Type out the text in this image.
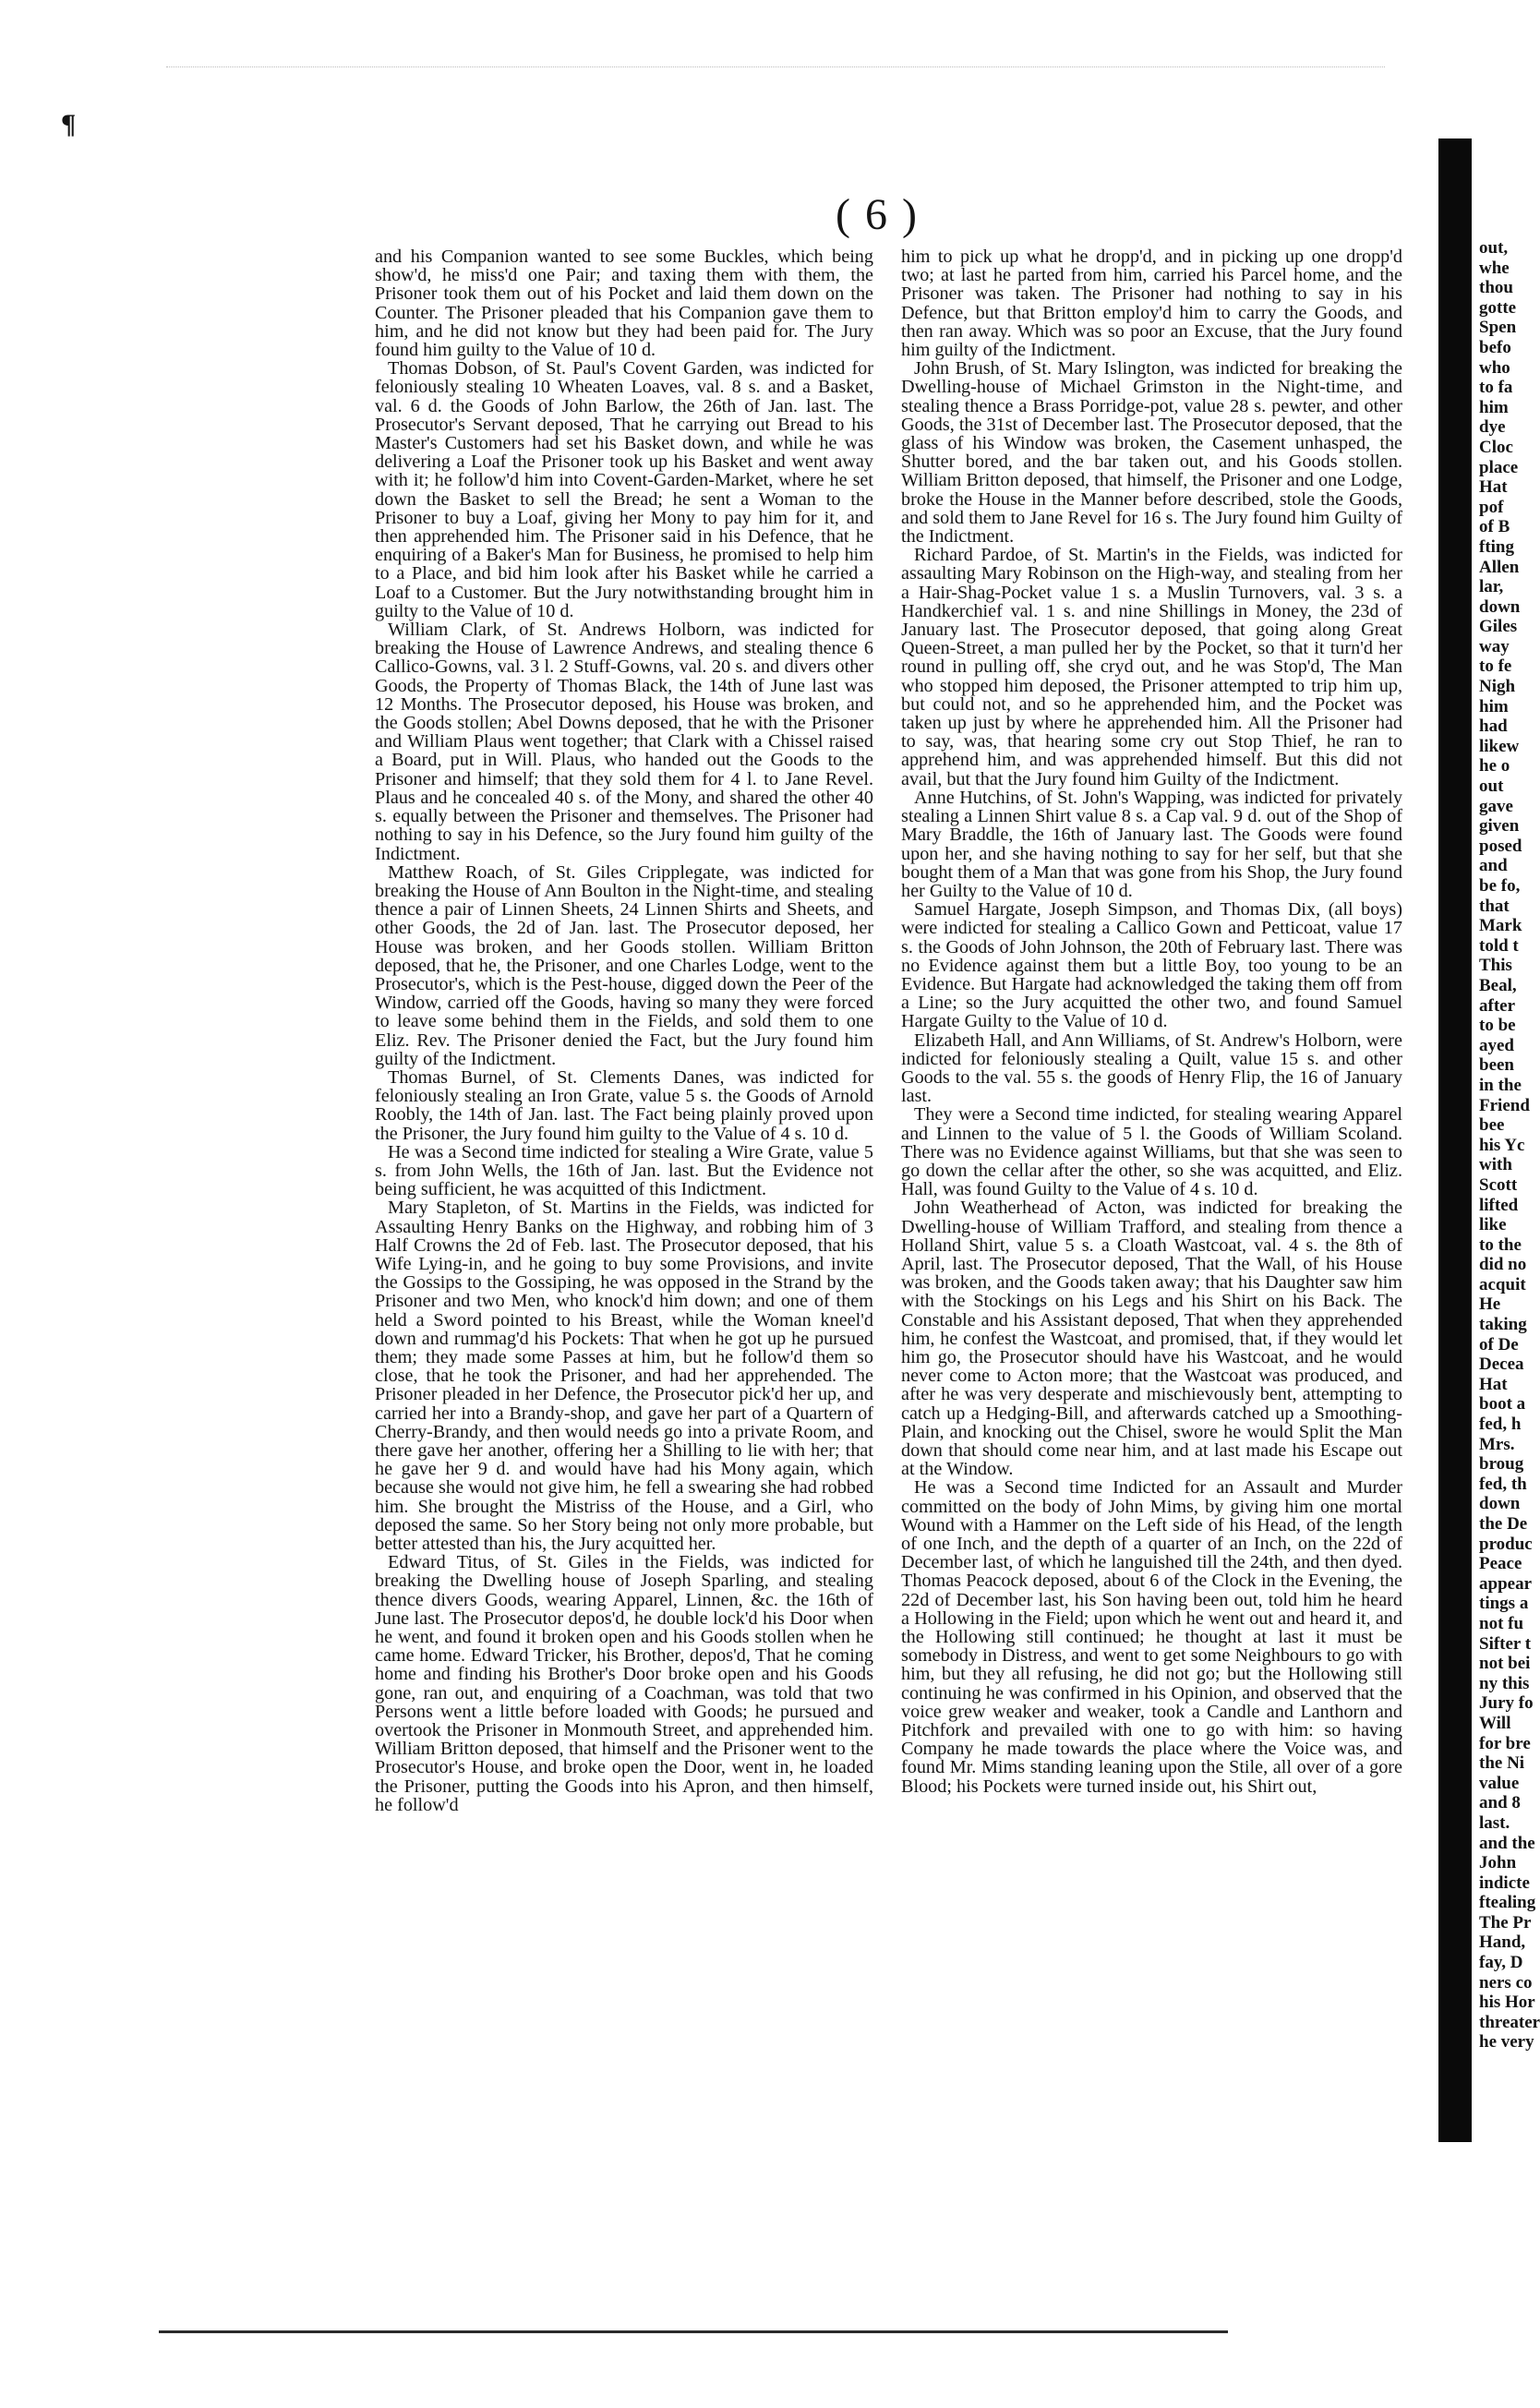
¶
( 6 )

and his Companion wanted to see some Buckles, which being show'd, he miss'd one Pair; and taxing them with them, the Prisoner took them out of his Pocket and laid them down on the Counter. The Prisoner pleaded that his Companion gave them to him, and he did not know but they had been paid for. The Jury found him guilty to the Value of 10 d.

Thomas Dobson, of St. Paul's Covent Garden, was indicted for feloniously stealing 10 Wheaten Loaves, val. 8 s. and a Basket, val. 6 d. the Goods of John Barlow, the 26th of Jan. last. The Prosecutor's Servant deposed, That he carrying out Bread to his Master's Customers had set his Basket down, and while he was delivering a Loaf the Prisoner took up his Basket and went away with it; he follow'd him into Covent-Garden-Market, where he set down the Basket to sell the Bread; he sent a Woman to the Prisoner to buy a Loaf, giving her Mony to pay him for it, and then apprehended him. The Prisoner said in his Defence, that he enquiring of a Baker's Man for Business, he promised to help him to a Place, and bid him look after his Basket while he carried a Loaf to a Customer. But the Jury notwithstanding brought him in guilty to the Value of 10 d.

William Clark, of St. Andrews Holborn, was indicted for breaking the House of Lawrence Andrews, and stealing thence 6 Callico-Gowns, val. 3 l. 2 Stuff-Gowns, val. 20 s. and divers other Goods, the Property of Thomas Black, the 14th of June last was 12 Months. The Prosecutor deposed, his House was broken, and the Goods stollen; Abel Downs deposed, that he with the Prisoner and William Plaus went together; that Clark with a Chissel raised a Board, put in Will. Plaus, who handed out the Goods to the Prisoner and himself; that they sold them for 4 l. to Jane Revel. Plaus and he concealed 40 s. of the Mony, and shared the other 40 s. equally between the Prisoner and themselves. The Prisoner had nothing to say in his Defence, so the Jury found him guilty of the Indictment.

Matthew Roach, of St. Giles Cripplegate, was indicted for breaking the House of Ann Boulton in the Night-time, and stealing thence a pair of Linnen Sheets, 24 Linnen Shirts and Sheets, and other Goods, the 2d of Jan. last. The Prosecutor deposed, her House was broken, and her Goods stollen. William Britton deposed, that he, the Prisoner, and one Charles Lodge, went to the Prosecutor's, which is the Pest-house, digged down the Peer of the Window, carried off the Goods, having so many they were forced to leave some behind them in the Fields, and sold them to one Eliz. Rev. The Prisoner denied the Fact, but the Jury found him guilty of the Indictment.

Thomas Burnel, of St. Clements Danes, was indicted for feloniously stealing an Iron Grate, value 5 s. the Goods of Arnold Roobly, the 14th of Jan. last. The Fact being plainly proved upon the Prisoner, the Jury found him guilty to the Value of 4 s. 10 d.

He was a Second time indicted for stealing a Wire Grate, value 5 s. from John Wells, the 16th of Jan. last. But the Evidence not being sufficient, he was acquitted of this Indictment.

Mary Stapleton, of St. Martins in the Fields, was indicted for Assaulting Henry Banks on the Highway, and robbing him of 3 Half Crowns the 2d of Feb. last. The Prosecutor deposed, that his Wife Lying-in, and he going to buy some Provisions, and invite the Gossips to the Gossiping, he was opposed in the Strand by the Prisoner and two Men, who knock'd him down; and one of them held a Sword pointed to his Breast, while the Woman kneel'd down and rummag'd his Pockets: That when he got up he pursued them; they made some Passes at him, but he follow'd them so close, that he took the Prisoner, and had her apprehended. The Prisoner pleaded in her Defence, the Prosecutor pick'd her up, and carried her into a Brandy-shop, and gave her part of a Quartern of Cherry-Brandy, and then would needs go into a private Room, and there gave her another, offering her a Shilling to lie with her; that he gave her 9 d. and would have had his Mony again, which because she would not give him, he fell a swearing she had robbed him. She brought the Mistriss of the House, and a Girl, who deposed the same. So her Story being not only more probable, but better attested than his, the Jury acquitted her.

Edward Titus, of St. Giles in the Fields, was indicted for breaking the Dwelling house of Joseph Sparling, and stealing thence divers Goods, wearing Apparel, Linnen, &c. the 16th of June last. The Prosecutor depos'd, he double lock'd his Door when he went, and found it broken open and his Goods stollen when he came home. Edward Tricker, his Brother, depos'd, That he coming home and finding his Brother's Door broke open and his Goods gone, ran out, and enquiring of a Coachman, was told that two Persons went a little before loaded with Goods; he pursued and overtook the Prisoner in Monmouth Street, and apprehended him. William Britton deposed, that himself and the Prisoner went to the Prosecutor's House, and broke open the Door, went in, he loaded the Prisoner, putting the Goods into his Apron, and then himself, he follow'd

him to pick up what he dropp'd, and in picking up one dropp'd two; at last he parted from him, carried his Parcel home, and the Prisoner was taken. The Prisoner had nothing to say in his Defence, but that Britton employ'd him to carry the Goods, and then ran away. Which was so poor an Excuse, that the Jury found him guilty of the Indictment.

John Brush, of St. Mary Islington, was indicted for breaking the Dwelling-house of Michael Grimston in the Night-time, and stealing thence a Brass Porridge-pot, value 28 s. pewter, and other Goods, the 31st of December last. The Prosecutor deposed, that the glass of his Window was broken, the Casement unhasped, the Shutter bored, and the bar taken out, and his Goods stollen. William Britton deposed, that himself, the Prisoner and one Lodge, broke the House in the Manner before described, stole the Goods, and sold them to Jane Revel for 16 s. The Jury found him Guilty of the Indictment.

Richard Pardoe, of St. Martin's in the Fields, was indicted for assaulting Mary Robinson on the High-way, and stealing from her a Hair-Shag-Pocket value 1 s. a Muslin Turnovers, val. 3 s. a Handkerchief val. 1 s. and nine Shillings in Money, the 23d of January last. The Prosecutor deposed, that going along Great Queen-Street, a man pulled her by the Pocket, so that it turn'd her round in pulling off, she cryd out, and he was Stop'd, The Man who stopped him deposed, the Prisoner attempted to trip him up, but could not, and so he apprehended him, and the Pocket was taken up just by where he apprehended him. All the Prisoner had to say, was, that hearing some cry out Stop Thief, he ran to apprehend him, and was apprehended himself. But this did not avail, but that the Jury found him Guilty of the Indictment.

Anne Hutchins, of St. John's Wapping, was indicted for privately stealing a Linnen Shirt value 8 s. a Cap val. 9 d. out of the Shop of Mary Braddle, the 16th of January last. The Goods were found upon her, and she having nothing to say for her self, but that she bought them of a Man that was gone from his Shop, the Jury found her Guilty to the Value of 10 d.

Samuel Hargate, Joseph Simpson, and Thomas Dix, (all boys) were indicted for stealing a Callico Gown and Petticoat, value 17 s. the Goods of John Johnson, the 20th of February last. There was no Evidence against them but a little Boy, too young to be an Evidence. But Hargate had acknowledged the taking them off from a Line; so the Jury acquitted the other two, and found Samuel Hargate Guilty to the Value of 10 d.

Elizabeth Hall, and Ann Williams, of St. Andrew's Holborn, were indicted for feloniously stealing a Quilt, value 15 s. and other Goods to the val. 55 s. the goods of Henry Flip, the 16 of January last.

They were a Second time indicted, for stealing wearing Apparel and Linnen to the value of 5 l. the Goods of William Scoland. There was no Evidence against Williams, but that she was seen to go down the cellar after the other, so she was acquitted, and Eliz. Hall, was found Guilty to the Value of 4 s. 10 d.

John Weatherhead of Acton, was indicted for breaking the Dwelling-house of William Trafford, and stealing from thence a Holland Shirt, value 5 s. a Cloath Wastcoat, val. 4 s. the 8th of April, last. The Prosecutor deposed, That the Wall, of his House was broken, and the Goods taken away; that his Daughter saw him with the Stockings on his Legs and his Shirt on his Back. The Constable and his Assistant deposed, That when they apprehended him, he confest the Wastcoat, and promised, that, if they would let him go, the Prosecutor should have his Wastcoat, and he would never come to Acton more; that the Wastcoat was produced, and after he was very desperate and mischievously bent, attempting to catch up a Hedging-Bill, and afterwards catched up a Smoothing-Plain, and knocking out the Chisel, swore he would Split the Man down that should come near him, and at last made his Escape out at the Window.

He was a Second time Indicted for an Assault and Murder committed on the body of John Mims, by giving him one mortal Wound with a Hammer on the Left side of his Head, of the length of one Inch, and the depth of a quarter of an Inch, on the 22d of December last, of which he languished till the 24th, and then dyed. Thomas Peacock deposed, about 6 of the Clock in the Evening, the 22d of December last, his Son having been out, told him he heard a Hollowing in the Field; upon which he went out and heard it, and the Hollowing still continued; he thought at last it must be somebody in Distress, and went to get some Neighbours to go with him, but they all refusing, he did not go; but the Hollowing still continuing he was confirmed in his Opinion, and observed that the voice grew weaker and weaker, took a Candle and Lanthorn and Pitchfork and prevailed with one to go with him: so having Company he made towards the place where the Voice was, and found Mr. Mims standing leaning upon the Stile, all over of a gore Blood; his Pockets were turned inside out, his Shirt out,

out,
whe
thou
gotte
Spen
befo
who
to fa
him
dye
Cloc
place
Hat
pof
of B
fting
Allen
lar,
down
Giles
way
to fe
Nigh
him
had
likew
he o
out
gave
given
posed
and
be fo,
that
Mark
told t
This
Beal,
after
to be
ayed
been
in the
Friend
bee
his Yc
with
Scott
lifted
like
to the
did no
acquit
He
taking
of De
Decea
Hat
boot a
fed, h
Mrs.
broug
fed, th
down
the De
produc
Peace
appear
tings a
not fu
Sifter t
not bei
ny this
Jury fo
Will
for bre
the Ni
value
and 8
last.
and the
John
indicte
ftealing
The Pr
Hand,
fay, D
ners co
his Hor
threater
he very
